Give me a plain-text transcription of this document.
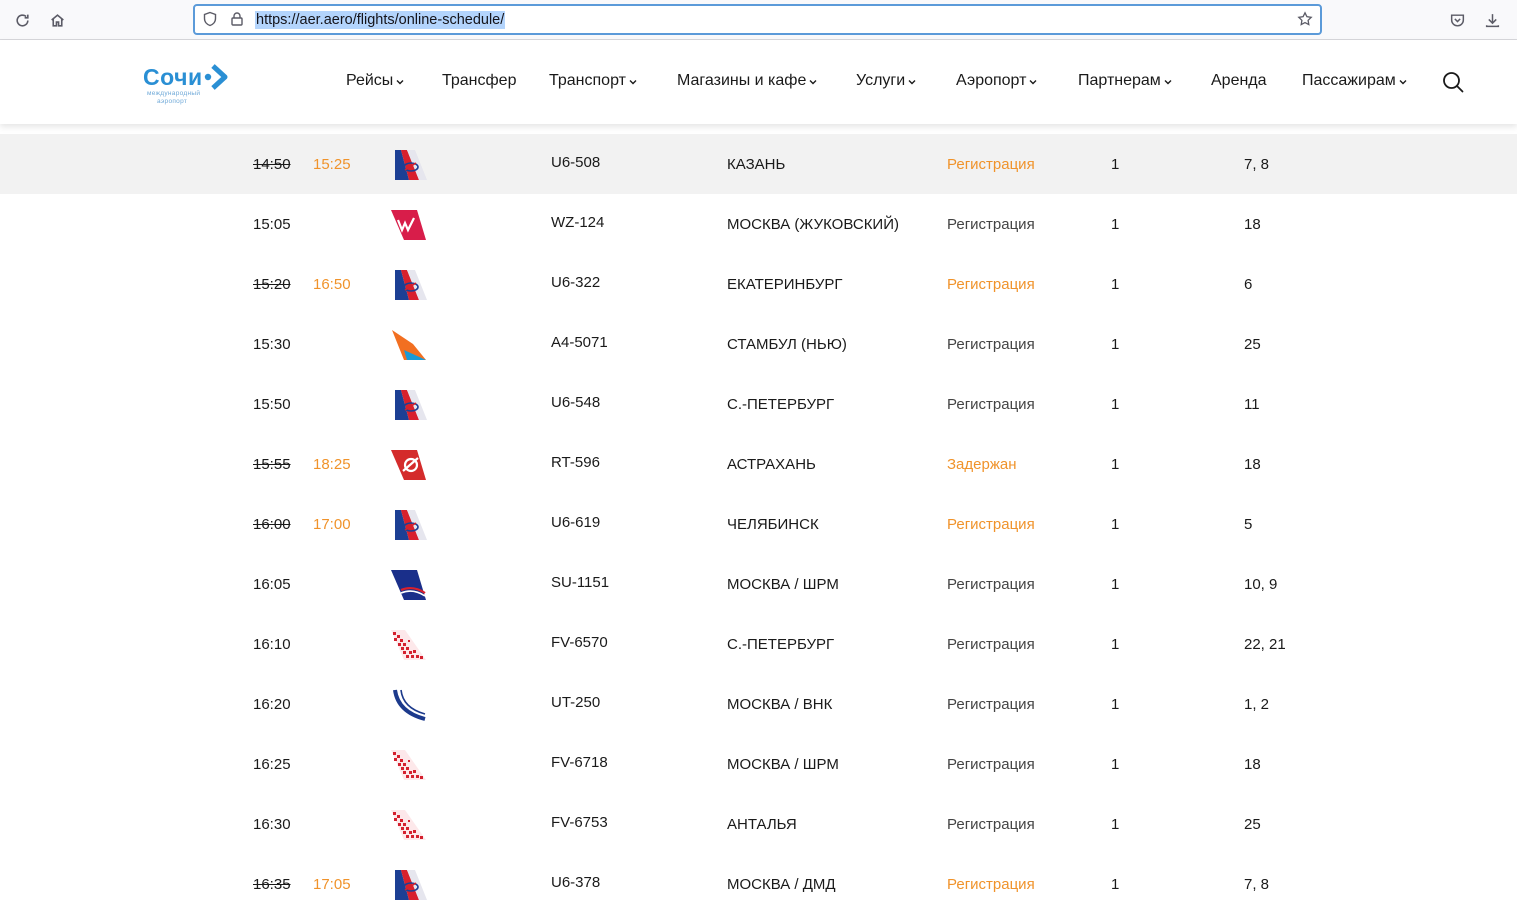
https://aer.aero/flights/online-schedule/
Сочи
международный
аэропорт
Рейсы	Трансфер Транспорт	Магазины и кафе	Услуги	Аэропорт	Партнерам	Аренда Пассажирам
14:50 15:25	U6-508	КАЗАНЬ	Регистрация	1	7, 8
15:05	WZ-124	МОСКВА (ЖУКОВСКИЙ)	Регистрация	1	18
15:20 16:50	U6-322	ЕКАТЕРИНБУРГ	Регистрация	1	6
15:30	A4-5071	СТАМБУЛ (НЬЮ)	Регистрация	1	25
15:50	U6-548	С.-ПЕТЕРБУРГ	Регистрация	1	11
15:55 18:25	RT-596	АСТРАХАНЬ	Задержан	1	18
16:00 17:00	U6-619	ЧЕЛЯБИНСК	Регистрация	1	5
16:05	SU-1151	МОСКВА / ШРМ	Регистрация	1	10, 9
16:10	FV-6570	С.-ПЕТЕРБУРГ	Регистрация	1	22, 21
16:20	UT-250	МОСКВА / ВНК	Регистрация	1	1, 2
16:25	FV-6718	МОСКВА / ШРМ	Регистрация	1	18
16:30	FV-6753	АНТАЛЬЯ	Регистрация	1	25
16:35 17:05	U6-378	МОСКВА / ДМД	Регистрация	1	7, 8
